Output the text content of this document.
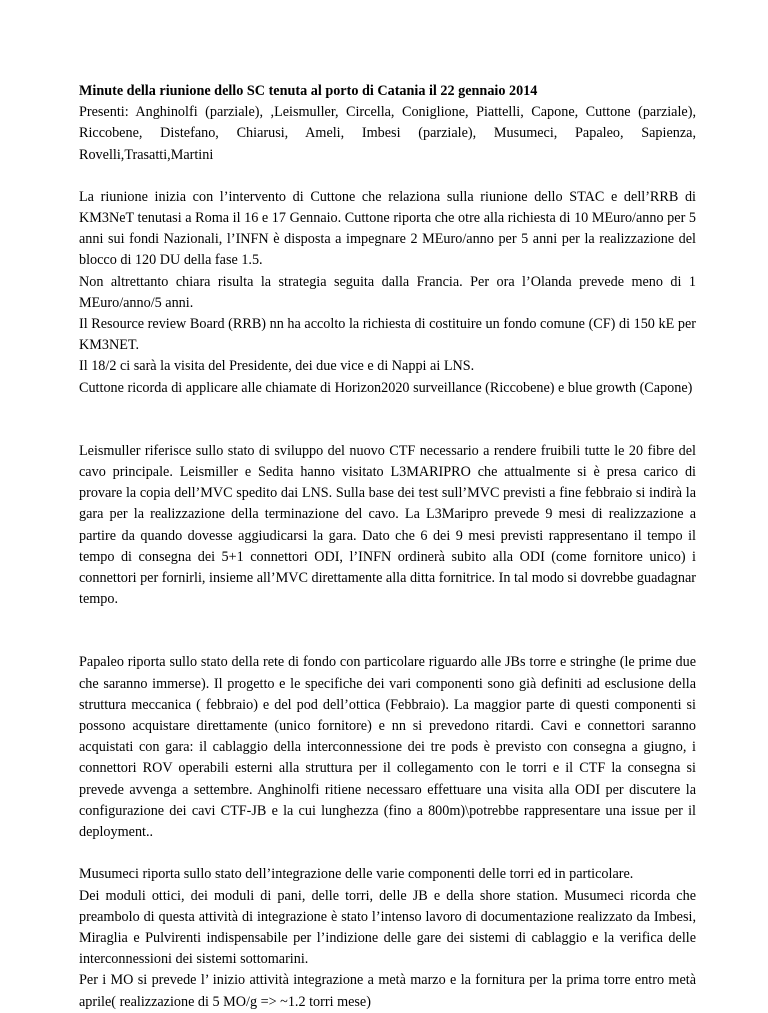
Minute della riunione dello SC tenuta al porto di Catania il 22 gennaio 2014

Presenti: Anghinolfi (parziale), ,Leismuller, Circella, Coniglione, Piattelli, Capone, Cuttone (parziale), Riccobene, Distefano, Chiarusi, Ameli, Imbesi (parziale), Musumeci, Papaleo, Sapienza, Rovelli,Trasatti,Martini

La riunione inizia con l’intervento di Cuttone che relaziona sulla riunione dello STAC e dell’RRB di KM3NeT tenutasi a Roma il 16 e 17 Gennaio. Cuttone riporta che otre alla richiesta di 10 MEuro/anno per 5 anni sui fondi Nazionali, l’INFN è disposta a impegnare 2 MEuro/anno per 5 anni per la realizzazione del blocco di 120 DU della fase 1.5.

Non altrettanto chiara risulta la strategia seguita dalla Francia. Per ora l’Olanda prevede meno di 1 MEuro/anno/5 anni.

Il Resource review Board (RRB) nn ha accolto la richiesta di costituire un fondo comune (CF) di 150 kE per KM3NET.

Il 18/2 ci sarà la visita del Presidente, dei due vice e di Nappi ai LNS.

Cuttone ricorda di applicare alle chiamate di Horizon2020 surveillance (Riccobene) e blue growth (Capone)

Leismuller riferisce sullo stato di sviluppo del nuovo CTF necessario a rendere fruibili tutte le 20 fibre del cavo principale. Leismiller e Sedita hanno visitato L3MARIPRO che attualmente si è presa carico di provare la copia dell’MVC spedito dai LNS. Sulla base dei test sull’MVC previsti a fine febbraio si indirà la gara per la realizzazione della terminazione del cavo. La L3Maripro prevede 9 mesi di realizzazione a partire da quando dovesse aggiudicarsi la gara. Dato che 6 dei 9 mesi previsti rappresentano il tempo il tempo di consegna dei 5+1 connettori ODI, l’INFN ordinerà subito alla ODI (come fornitore unico) i connettori per fornirli, insieme all’MVC direttamente alla ditta fornitrice. In tal modo si dovrebbe guadagnar tempo.

Papaleo riporta sullo stato della rete di fondo con particolare riguardo alle JBs torre e stringhe (le prime due che saranno immerse). Il progetto e le specifiche dei vari componenti sono già definiti ad esclusione della struttura meccanica ( febbraio) e del pod dell’ottica (Febbraio). La maggior parte di questi componenti si possono acquistare direttamente (unico fornitore) e nn si prevedono ritardi. Cavi e connettori saranno acquistati con gara: il cablaggio della interconnessione dei tre pods è previsto con consegna a giugno, i connettori ROV operabili esterni alla struttura per il collegamento con le torri e il CTF la consegna si prevede avvenga a settembre. Anghinolfi ritiene necessaro effettuare una visita alla ODI per discutere la configurazione dei cavi CTF-JB e la cui lunghezza (fino a 800m)\potrebbe rappresentare una issue per il deployment..

Musumeci riporta sullo stato dell’integrazione delle varie componenti delle torri ed in particolare.

Dei moduli ottici, dei moduli di pani, delle torri, delle JB e della shore station. Musumeci ricorda che preambolo di questa attività di integrazione è stato l’intenso lavoro di documentazione realizzato da Imbesi, Miraglia e Pulvirenti indispensabile per l’indizione delle gare dei sistemi di cablaggio e la verifica delle interconnessioni dei sistemi sottomarini.

Per i MO si prevede l’ inizio attività integrazione a metà marzo e la fornitura per la prima torre entro metà aprile( realizzazione di 5 MO/g => ~1.2 torri mese)
